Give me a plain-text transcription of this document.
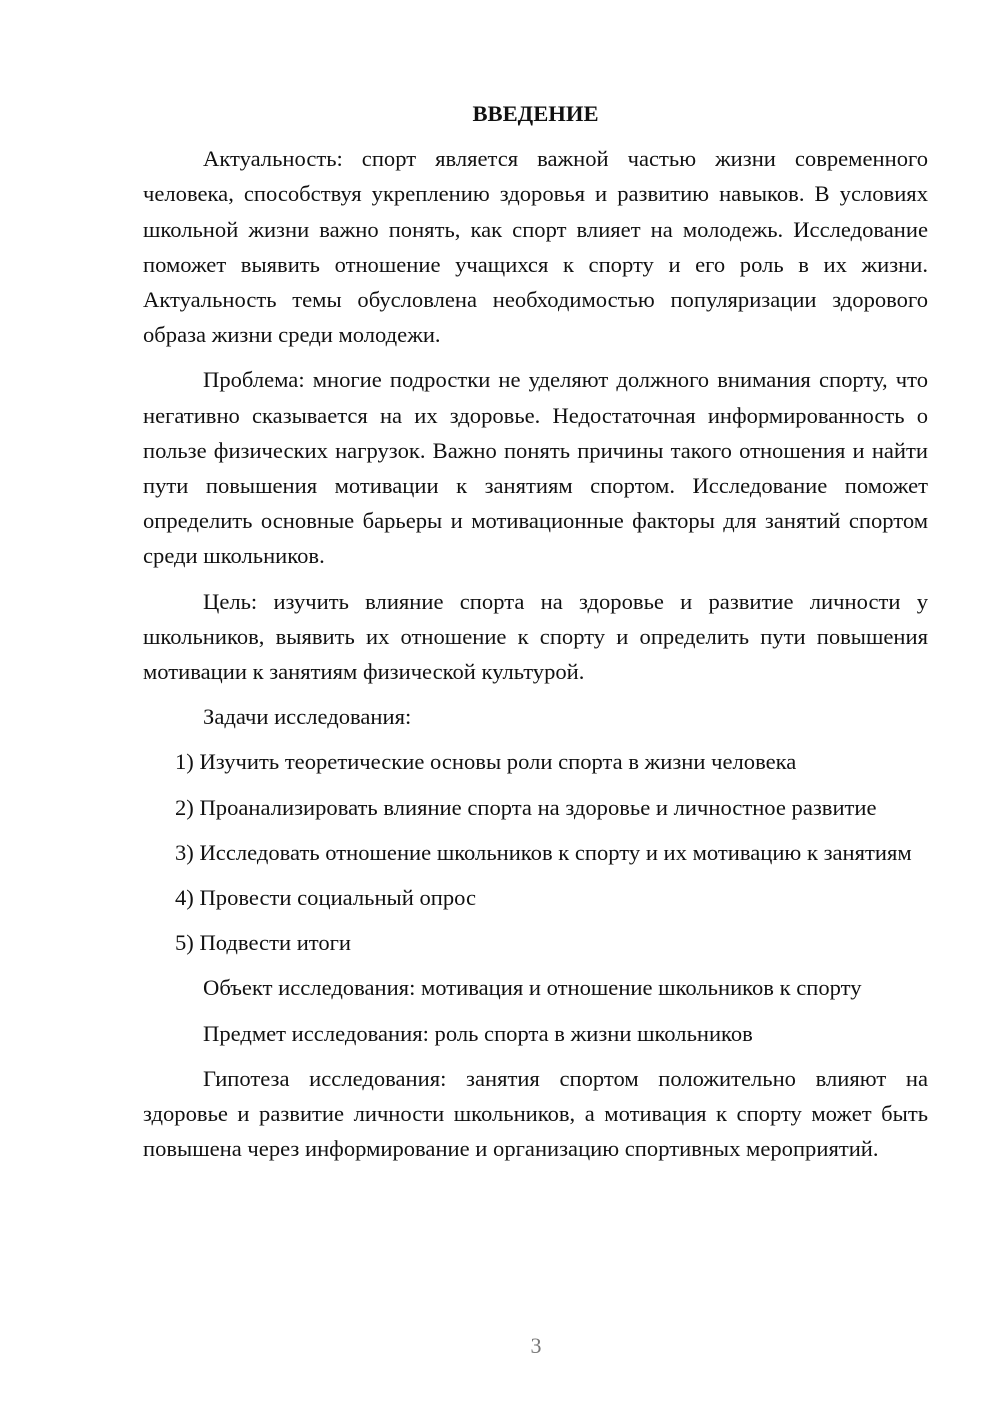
ВВЕДЕНИЕ
Актуальность: спорт является важной частью жизни современного человека, способствуя укреплению здоровья и развитию навыков. В условиях школьной жизни важно понять, как спорт влияет на молодежь. Исследование поможет выявить отношение учащихся к спорту и его роль в их жизни. Актуальность темы обусловлена необходимостью популяризации здорового образа жизни среди молодежи.
Проблема: многие подростки не уделяют должного внимания спорту, что негативно сказывается на их здоровье. Недостаточная информированность о пользе физических нагрузок. Важно понять причины такого отношения и найти пути повышения мотивации к занятиям спортом. Исследование поможет определить основные барьеры и мотивационные факторы для занятий спортом среди школьников.
Цель: изучить влияние спорта на здоровье и развитие личности у школьников, выявить их отношение к спорту и определить пути повышения мотивации к занятиям физической культурой.
Задачи исследования:
1) Изучить теоретические основы роли спорта в жизни человека
2) Проанализировать влияние спорта на здоровье и личностное развитие
3) Исследовать отношение школьников к спорту и их мотивацию к занятиям
4) Провести социальный опрос
5) Подвести итоги
Объект исследования: мотивация и отношение школьников к спорту
Предмет исследования: роль спорта в жизни школьников
Гипотеза исследования: занятия спортом положительно влияют на здоровье и развитие личности школьников, а мотивация к спорту может быть повышена через информирование и организацию спортивных мероприятий.
3
